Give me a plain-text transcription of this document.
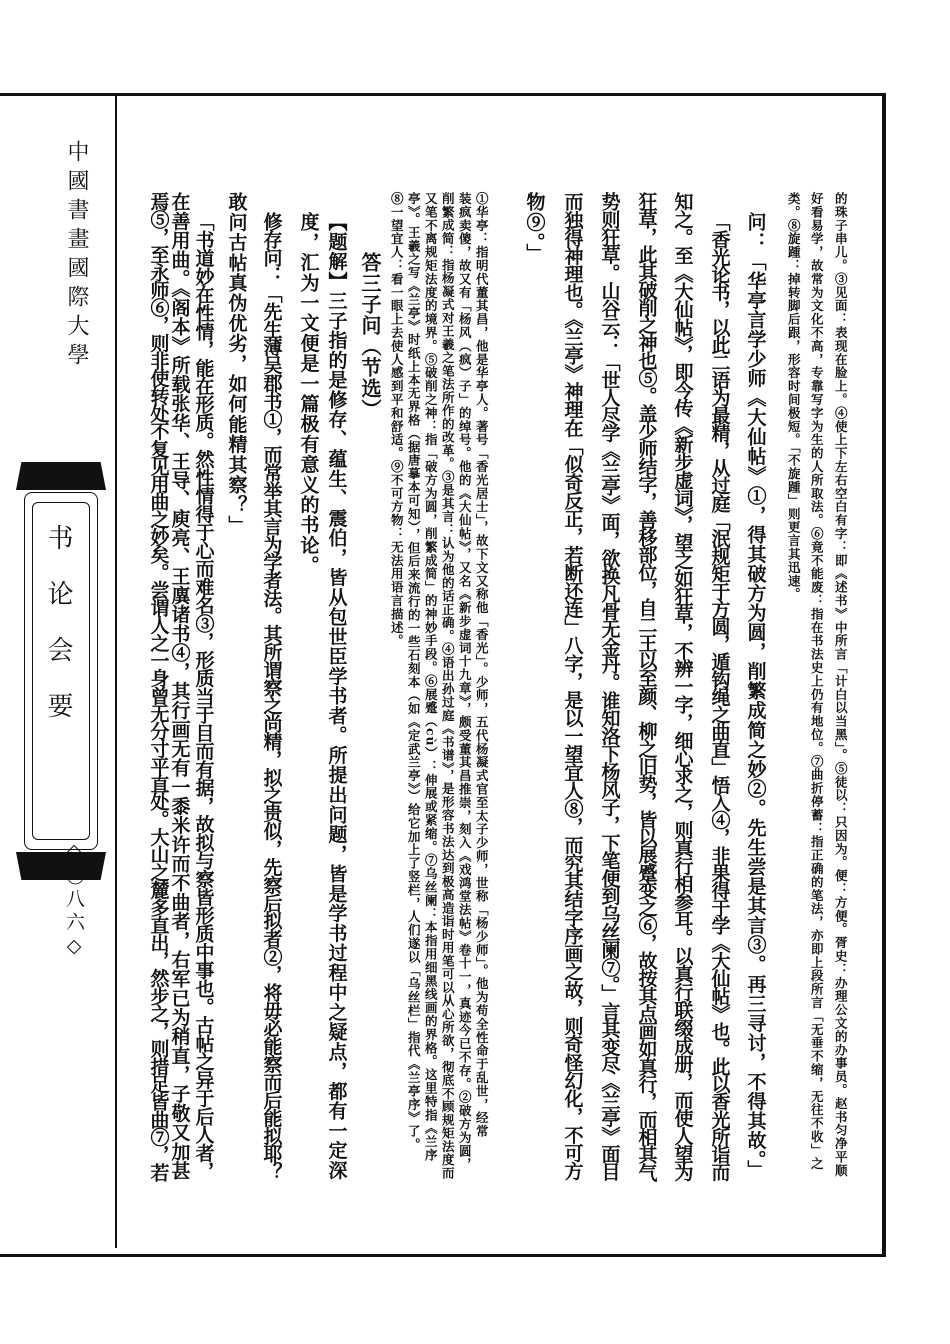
中國書畫國際大學
书论会要
◇〇八六◇	的珠子串儿。③见面：表现在脸上。④使上下左右空白有字：即《述书》中所言「计白以当黑」。⑤徒以：只因为。便：方便。胥史：办理公文的办事员。赵书匀净平顺
好看易学，故常为文化不高，专靠写字为生的人所取法。⑥竟不能废：指在书法史上仍有地位。⑦曲折停蓄：指正确的笔法，亦即上段所言「无垂不缩，无往不收」之
类。⑧旋踵：掉转脚后跟，形容时间极短。「不旋踵」则更言其迅速。
问：「华亭言学少师《大仙帖》①，得其破方为圆，削繁成简之妙②。先生尝是其言③。再三寻讨，不得其故。」
「香光论书，以此二语为最精，从过庭「泯规矩于方圆，遁钩绳之曲直」悟入④，非果得于学《大仙帖》也。此以香光所诣而
知之。至《大仙帖》，即今传《新步虚词》，望之如狂草，不辨一字，细心求之，则真行相参耳。以真行联缀成册，而使人望为
狂草，此其破削之神也⑤。盖少师结字，善移部位，自二王以至颜、柳之旧势，皆以展蹙变之⑥，故按其点画如真行，而相其气
势则狂草。山谷云：「世人尽学《兰亭》面，欲换凡骨无金丹。谁知洛下杨风子，下笔便到乌丝阑⑦。」言其变尽《兰亭》面目
而独得神理也。《兰亭》神理在「似奇反正，若断还连」八字，是以一望宜人⑧，而究其结字序画之故，则奇怪幻化，不可方
物⑨。」
①华亭：指明代董其昌，他是华亭人。著号「香光居士」，故下文又称他「香光」。少师，五代杨凝式官至太子少师，世称「杨少师」。他为苟全性命于乱世，经常
装疯卖傻，故又有「杨风（疯）子」的绰号。他的《大仙帖》，又名《新步虚词十九章》，颇受董其昌推崇，刻入《戏鸿堂法帖》卷十一，真迹今已不存。②破方为圆，
削繁成简：指杨凝式对王羲之笔法所作的改革。③是其言：认为他的话正确。④语出孙过庭《书谱》，是形容书法达到极高造诣时用笔可以从心所欲，彻底不顾规矩法度而
又笔不离规矩法度的境界。⑤破削之神：指「破方为圆，削繁成简」的神妙手段。⑥展蹙（cù）：伸展或紧缩。⑦乌丝阑：本指用细黑线画的界格。这里特指《兰序
亭》。王羲之写《兰亭》时纸上本无界格（据唐摹本可知），但后来流行的一些石刻本（如《定武兰亭》）给它加上了竖栏，人们遂以「乌丝栏」指代《兰亭序》了。
⑧一望宜人：看一眼上去使人感到平和舒适。⑨不可方物：无法用语言描述。
答三子问（节选）
【题解】三子指的是修存、蕴生、震伯，皆从包世臣学书者。所提出问题，皆是学书过程中之疑点，都有一定深
度，汇为一文便是一篇极有意义的书论。
修存问：「先生薄吴郡书①，而常举其言为学者法。其所谓察之尚精，拟之贵似，先察后拟者②，将毋必能察而后能拟耶？
敢问古帖真伪优劣，如何能精其察？」
「书道妙在性情，能在形质。然性情得于心而难名③，形质当于目而有据，故拟与察皆形质中事也。古帖之异于后人者，
在善用曲。《阁本》所载张华、王导、庾亮、王廙诸书④，其行画无有一黍米许而不曲者，右军已为稍直，子敬又加甚
焉⑤，至永师⑥，则非使转处不复见用曲之妙矣。尝谓人之一身曾无分寸平直处。大山之麓多直出，然步之，则措足皆曲⑦，若
